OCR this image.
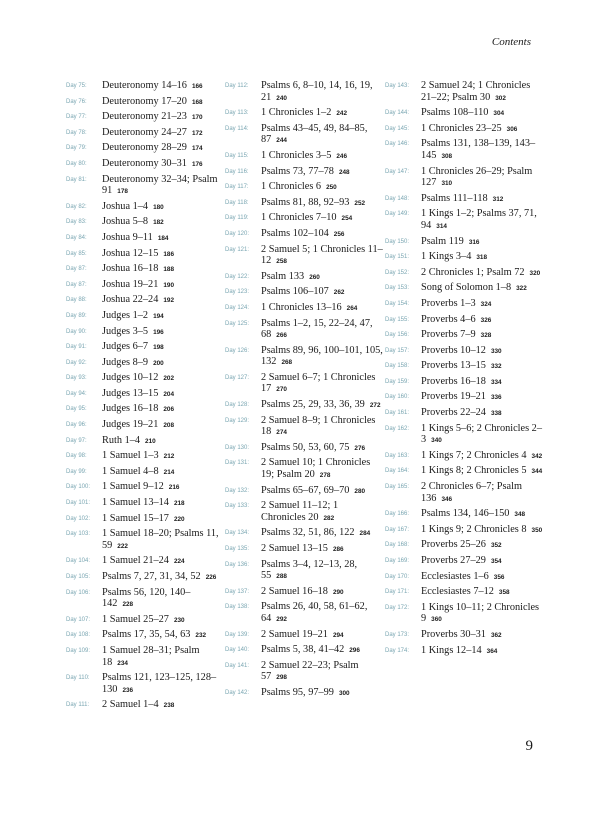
Contents
Day 75: Deuteronomy 14–16 166
Day 76: Deuteronomy 17–20 168
Day 77: Deuteronomy 21–23 170
Day 78: Deuteronomy 24–27 172
Day 79: Deuteronomy 28–29 174
Day 80: Deuteronomy 30–31 176
Day 81: Deuteronomy 32–34; Psalm 91 178
Day 82: Joshua 1–4 180
Day 83: Joshua 5–8 182
Day 84: Joshua 9–11 184
Day 85: Joshua 12–15 186
Day 87: Joshua 16–18 188
Day 87: Joshua 19–21 190
Day 88: Joshua 22–24 192
Day 89: Judges 1–2 194
Day 90: Judges 3–5 196
Day 91: Judges 6–7 198
Day 92: Judges 8–9 200
Day 93: Judges 10–12 202
Day 94: Judges 13–15 204
Day 95: Judges 16–18 206
Day 96: Judges 19–21 208
Day 97: Ruth 1–4 210
Day 98: 1 Samuel 1–3 212
Day 99: 1 Samuel 4–8 214
Day 100: 1 Samuel 9–12 216
Day 101: 1 Samuel 13–14 218
Day 102: 1 Samuel 15–17 220
Day 103: 1 Samuel 18–20; Psalms 11, 59 222
Day 104: 1 Samuel 21–24 224
Day 105: Psalms 7, 27, 31, 34, 52 226
Day 106: Psalms 56, 120, 140–142 228
Day 107: 1 Samuel 25–27 230
Day 108: Psalms 17, 35, 54, 63 232
Day 109: 1 Samuel 28–31; Psalm 18 234
Day 110: Psalms 121, 123–125, 128–130 236
Day 111: 2 Samuel 1–4 238
Day 112: Psalms 6, 8–10, 14, 16, 19, 21 240
Day 113: 1 Chronicles 1–2 242
Day 114: Psalms 43–45, 49, 84–85, 87 244
Day 115: 1 Chronicles 3–5 246
Day 116: Psalms 73, 77–78 248
Day 117: 1 Chronicles 6 250
Day 118: Psalms 81, 88, 92–93 252
Day 119: 1 Chronicles 7–10 254
Day 120: Psalms 102–104 256
Day 121: 2 Samuel 5; 1 Chronicles 11–12 258
Day 122: Psalm 133 260
Day 123: Psalms 106–107 262
Day 124: 1 Chronicles 13–16 264
Day 125: Psalms 1–2, 15, 22–24, 47, 68 266
Day 126: Psalms 89, 96, 100–101, 105, 132 268
Day 127: 2 Samuel 6–7; 1 Chronicles 17 270
Day 128: Psalms 25, 29, 33, 36, 39 272
Day 129: 2 Samuel 8–9; 1 Chronicles 18 274
Day 130: Psalms 50, 53, 60, 75 276
Day 131: 2 Samuel 10; 1 Chronicles 19; Psalm 20 278
Day 132: Psalms 65–67, 69–70 280
Day 133: 2 Samuel 11–12; 1 Chronicles 20 282
Day 134: Psalms 32, 51, 86, 122 284
Day 135: 2 Samuel 13–15 286
Day 136: Psalms 3–4, 12–13, 28, 55 288
Day 137: 2 Samuel 16–18 290
Day 138: Psalms 26, 40, 58, 61–62, 64 292
Day 139: 2 Samuel 19–21 294
Day 140: Psalms 5, 38, 41–42 296
Day 141: 2 Samuel 22–23; Psalm 57 298
Day 142: Psalms 95, 97–99 300
Day 143: 2 Samuel 24; 1 Chronicles 21–22; Psalm 30 302
Day 144: Psalms 108–110 304
Day 145: 1 Chronicles 23–25 306
Day 146: Psalms 131, 138–139, 143–145 308
Day 147: 1 Chronicles 26–29; Psalm 127 310
Day 148: Psalms 111–118 312
Day 149: 1 Kings 1–2; Psalms 37, 71, 94 314
Day 150: Psalm 119 316
Day 151: 1 Kings 3–4 318
Day 152: 2 Chronicles 1; Psalm 72 320
Day 153: Song of Solomon 1–8 322
Day 154: Proverbs 1–3 324
Day 155: Proverbs 4–6 326
Day 156: Proverbs 7–9 328
Day 157: Proverbs 10–12 330
Day 158: Proverbs 13–15 332
Day 159: Proverbs 16–18 334
Day 160: Proverbs 19–21 336
Day 161: Proverbs 22–24 338
Day 162: 1 Kings 5–6; 2 Chronicles 2–3 340
Day 163: 1 Kings 7; 2 Chronicles 4 342
Day 164: 1 Kings 8; 2 Chronicles 5 344
Day 165: 2 Chronicles 6–7; Psalm 136 346
Day 166: Psalms 134, 146–150 348
Day 167: 1 Kings 9; 2 Chronicles 8 350
Day 168: Proverbs 25–26 352
Day 169: Proverbs 27–29 354
Day 170: Ecclesiastes 1–6 356
Day 171: Ecclesiastes 7–12 358
Day 172: 1 Kings 10–11; 2 Chronicles 9 360
Day 173: Proverbs 30–31 362
Day 174: 1 Kings 12–14 364
9
